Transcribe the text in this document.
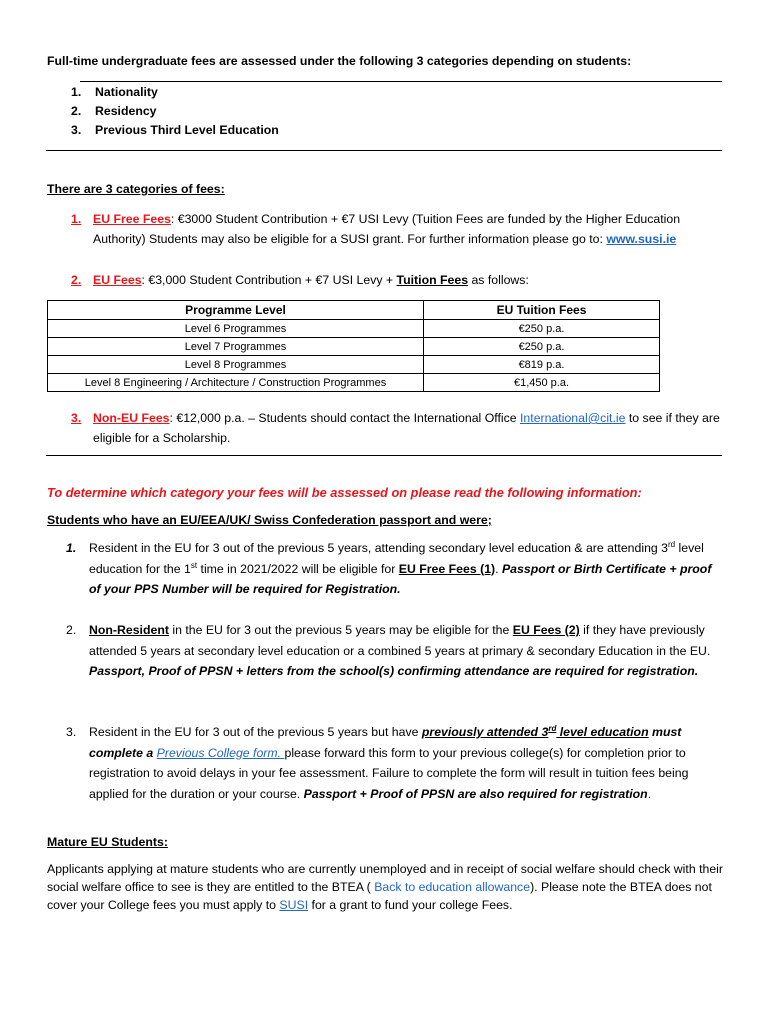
Full-time undergraduate fees are assessed under the following 3 categories depending on students:
1. Nationality
2. Residency
3. Previous Third Level Education
There are 3 categories of fees:
1. EU Free Fees: €3000 Student Contribution + €7 USI Levy (Tuition Fees are funded by the Higher Education Authority) Students may also be eligible for a SUSI grant. For further information please go to: www.susi.ie
2. EU Fees: €3,000 Student Contribution + €7 USI Levy + Tuition Fees as follows:
Programme Level	EU Tuition Fees
Level 6 Programmes	€250 p.a.
Level 7 Programmes	€250 p.a.
Level 8 Programmes	€819 p.a.
Level 8 Engineering / Architecture / Construction Programmes	€1,450 p.a.
3. Non-EU Fees: €12,000 p.a. – Students should contact the International Office International@cit.ie to see if they are eligible for a Scholarship.
To determine which category your fees will be assessed on please read the following information:
Students who have an EU/EEA/UK/ Swiss Confederation passport and were;
1. Resident in the EU for 3 out of the previous 5 years, attending secondary level education & are attending 3rd level education for the 1st time in 2021/2022 will be eligible for EU Free Fees (1). Passport or Birth Certificate + proof of your PPS Number will be required for Registration.
2. Non-Resident in the EU for 3 out the previous 5 years may be eligible for the EU Fees (2) if they have previously attended 5 years at secondary level education or a combined 5 years at primary & secondary Education in the EU. Passport, Proof of PPSN + letters from the school(s) confirming attendance are required for registration.
3. Resident in the EU for 3 out of the previous 5 years but have previously attended 3rd level education must complete a Previous College form. please forward this form to your previous college(s) for completion prior to registration to avoid delays in your fee assessment. Failure to complete the form will result in tuition fees being applied for the duration or your course. Passport + Proof of PPSN are also required for registration.
Mature EU Students:
Applicants applying at mature students who are currently unemployed and in receipt of social welfare should check with their social welfare office to see is they are entitled to the BTEA ( Back to education allowance). Please note the BTEA does not cover your College fees you must apply to SUSI for a grant to fund your college Fees.
